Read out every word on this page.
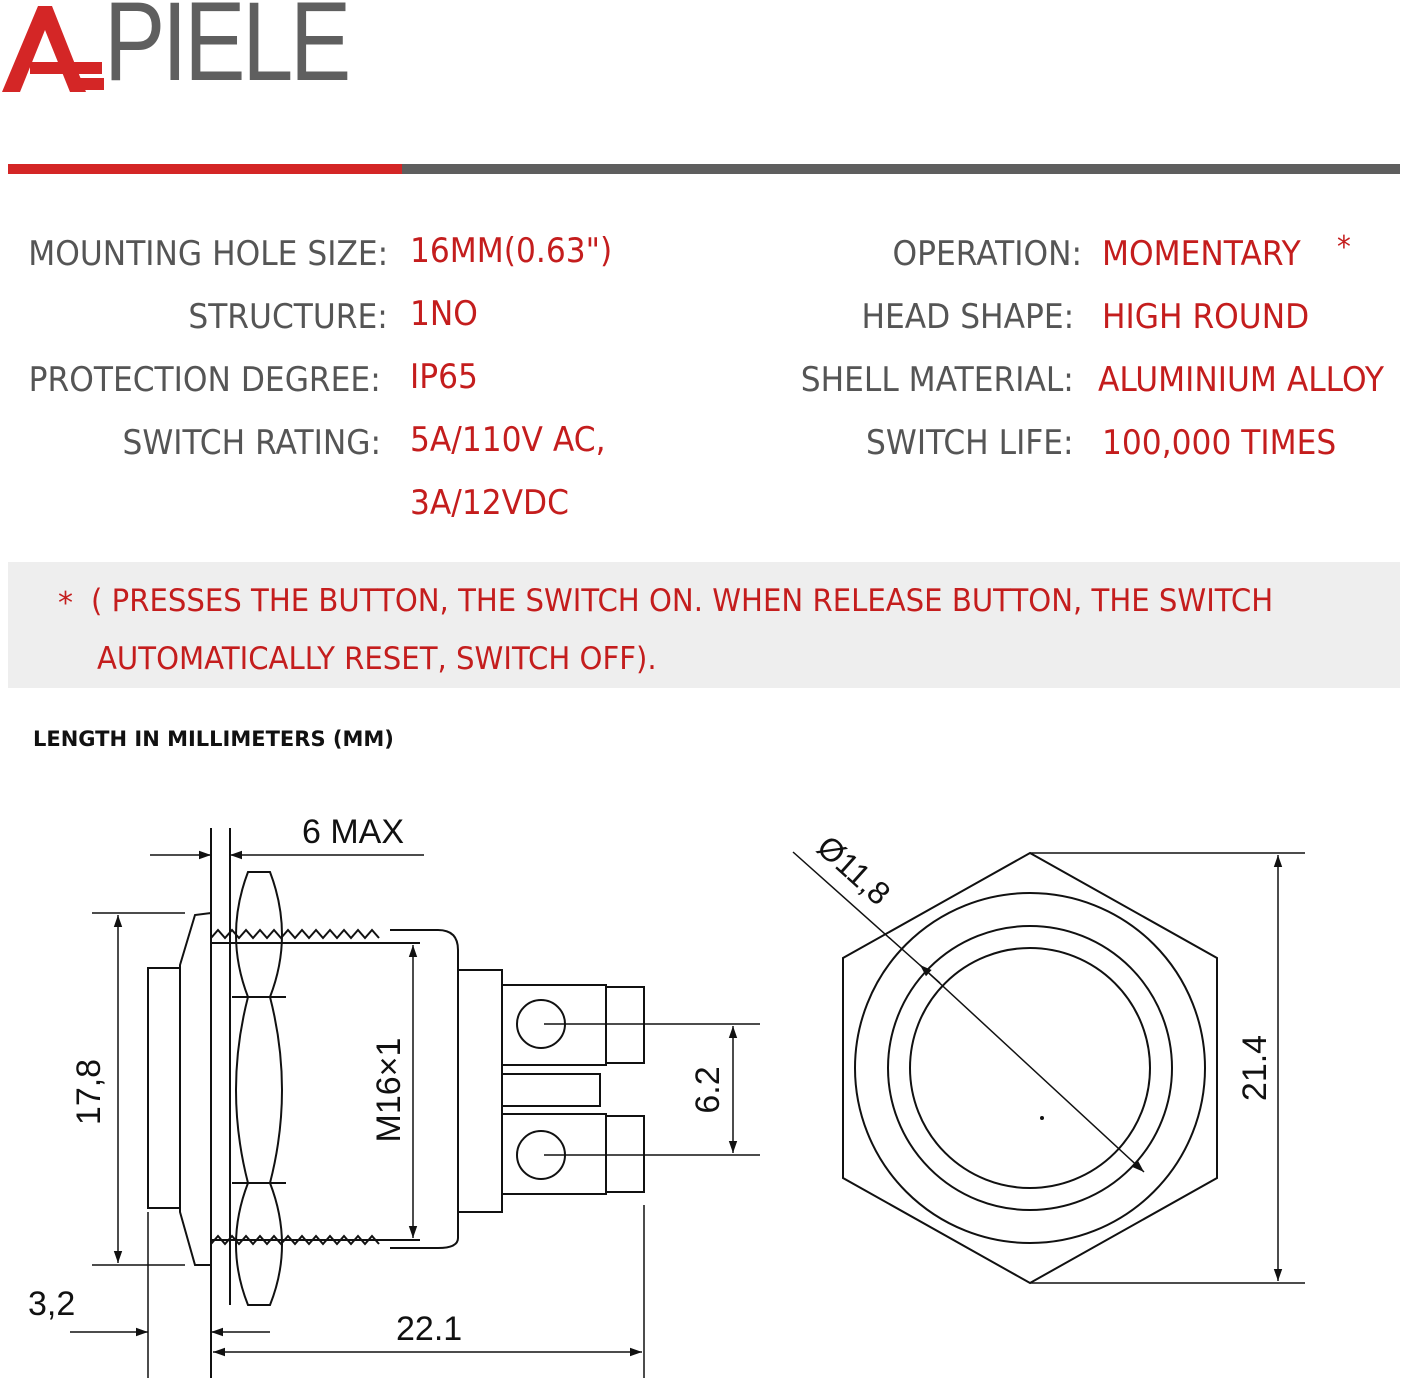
PIELE
MOUNTING HOLE SIZE: 16MM(0.63")
STRUCTURE: 1NO
PROTECTION DEGREE: IP65
SWITCH RATING: 5A/110V AC,
3A/12VDC
OPERATION: MOMENTARY *
HEAD SHAPE: HIGH ROUND
SHELL MATERIAL: ALUMINIUM ALLOY
SWITCH LIFE: 100,000 TIMES
* ( PRESSES THE BUTTON, THE SWITCH ON. WHEN RELEASE BUTTON, THE SWITCH
AUTOMATICALLY RESET, SWITCH OFF).
LENGTH IN MILLIMETERS (MM)
6 MAX
17,8	M16×1	6.2
3,2
22.1
Ø11,8
21.4
